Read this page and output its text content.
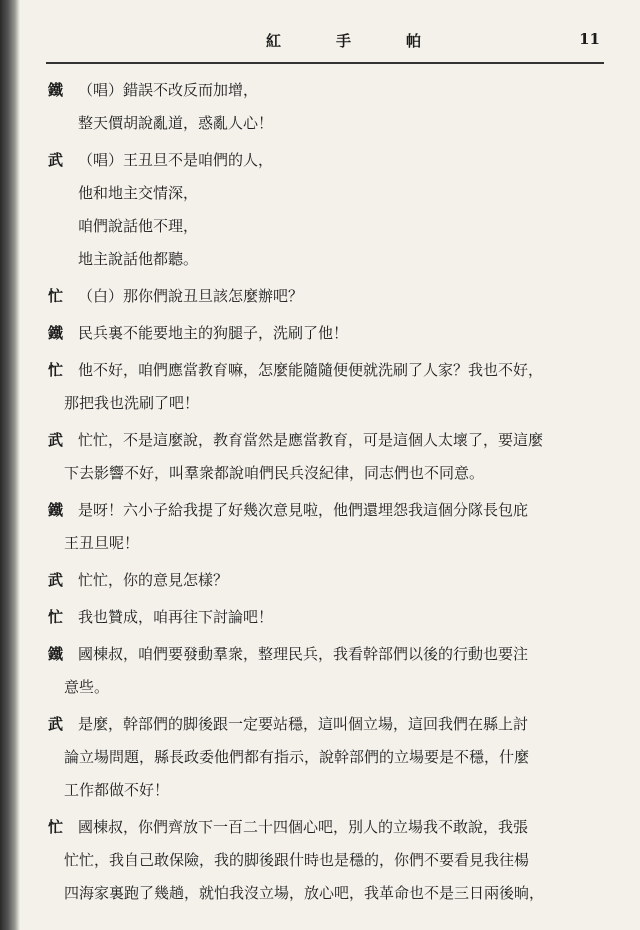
紅	手	帕	11
鐵 （唱）錯誤不改反而加增，
整天價胡說亂道，惑亂人心！
武 （唱）王丑旦不是咱們的人，
他和地主交情深，
咱們說話他不理，
地主說話他都聽。
忙 （白）那你們說丑旦該怎麼辦吧？
鐵 民兵裏不能要地主的狗腿子，洗刷了他！
忙 他不好，咱們應當教育嘛，怎麼能隨隨便便就洗刷了人家？我也不好，
那把我也洗刷了吧！
武 忙忙，不是這麼說，教育當然是應當教育，可是這個人太壞了，要這麼
下去影響不好，叫羣衆都說咱們民兵沒紀律，同志們也不同意。
鐵 是呀！六小子給我提了好幾次意見啦，他們還埋怨我這個分隊長包庇
王丑旦呢！
武 忙忙，你的意見怎樣？
忙 我也贊成，咱再往下討論吧！
鐵 國棟叔，咱們要發動羣衆，整理民兵，我看幹部們以後的行動也要注
意些。
武 是麼，幹部們的脚後跟一定要站穩，這叫個立場，這回我們在縣上討
論立場問題，縣長政委他們都有指示，說幹部們的立場要是不穩，什麼
工作都做不好！
忙 國棟叔，你們齊放下一百二十四個心吧，別人的立場我不敢說，我張
忙忙，我自己敢保險，我的脚後跟什時也是穩的，你們不要看見我往楊
四海家裏跑了幾趟，就怕我沒立場，放心吧，我革命也不是三日兩後晌，
